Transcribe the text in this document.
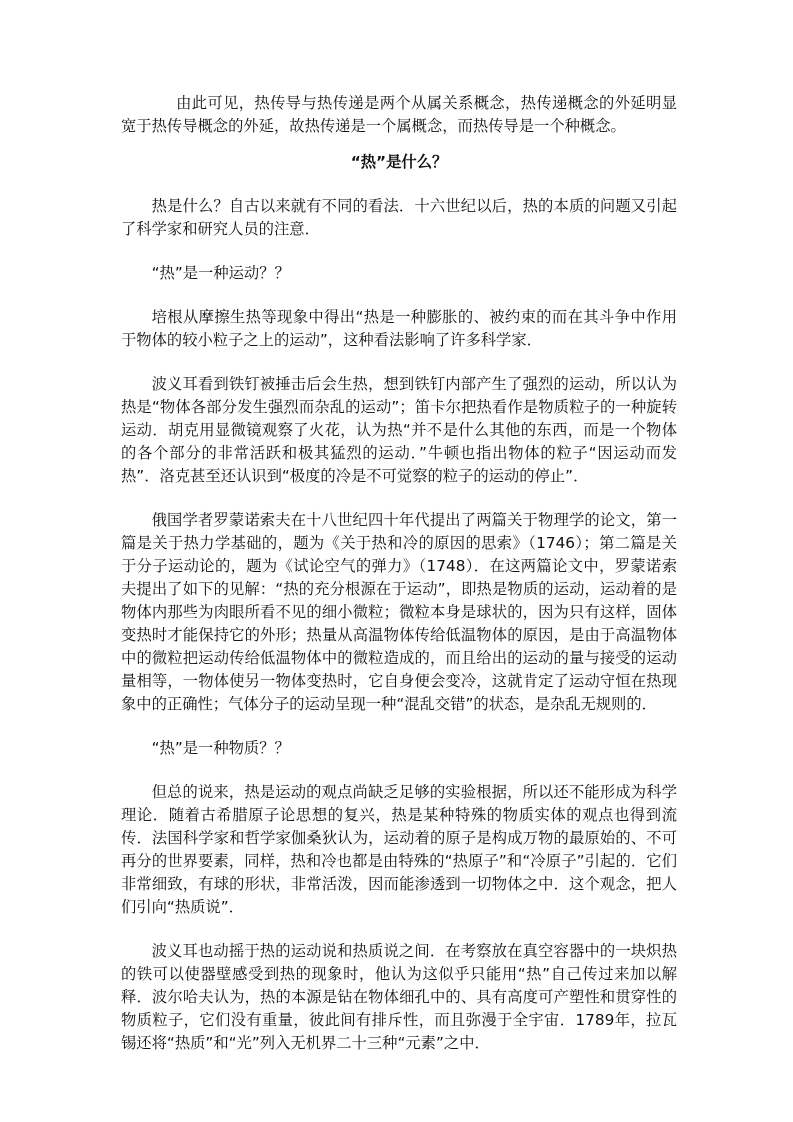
由此可见，热传导与热传递是两个从属关系概念，热传递概念的外延明显宽于热传导概念的外延，故热传递是一个属概念，而热传导是一个种概念。

“热”是什么？

热是什么？自古以来就有不同的看法．十六世纪以后，热的本质的问题又引起了科学家和研究人员的注意．

“热”是一种运动？？

培根从摩擦生热等现象中得出“热是一种膨胀的、被约束的而在其斗争中作用于物体的较小粒子之上的运动”，这种看法影响了许多科学家．

波义耳看到铁钉被捶击后会生热，想到铁钉内部产生了强烈的运动，所以认为热是“物体各部分发生强烈而杂乱的运动”；笛卡尔把热看作是物质粒子的一种旋转运动．胡克用显微镜观察了火花，认为热“并不是什么其他的东西，而是一个物体的各个部分的非常活跃和极其猛烈的运动．”牛顿也指出物体的粒子“因运动而发热”．洛克甚至还认识到“极度的冷是不可觉察的粒子的运动的停止”．

俄国学者罗蒙诺索夫在十八世纪四十年代提出了两篇关于物理学的论文，第一篇是关于热力学基础的，题为《关于热和冷的原因的思索》（1746）；第二篇是关于分子运动论的，题为《试论空气的弹力》（1748）．在这两篇论文中，罗蒙诺索夫提出了如下的见解：“热的充分根源在于运动”，即热是物质的运动，运动着的是物体内那些为肉眼所看不见的细小微粒；微粒本身是球状的，因为只有这样，固体变热时才能保持它的外形；热量从高温物体传给低温物体的原因，是由于高温物体中的微粒把运动传给低温物体中的微粒造成的，而且给出的运动的量与接受的运动量相等，一物体使另一物体变热时，它自身便会变冷，这就肯定了运动守恒在热现象中的正确性；气体分子的运动呈现一种“混乱交错”的状态，是杂乱无规则的．

“热”是一种物质？？

但总的说来，热是运动的观点尚缺乏足够的实验根据，所以还不能形成为科学理论．随着古希腊原子论思想的复兴，热是某种特殊的物质实体的观点也得到流传．法国科学家和哲学家伽桑狄认为，运动着的原子是构成万物的最原始的、不可再分的世界要素，同样，热和冷也都是由特殊的“热原子”和“冷原子”引起的．它们非常细致，有球的形状，非常活泼，因而能渗透到一切物体之中．这个观念，把人们引向“热质说”．

波义耳也动摇于热的运动说和热质说之间．在考察放在真空容器中的一块炽热的铁可以使器壁感受到热的现象时，他认为这似乎只能用“热”自己传过来加以解释．波尔哈夫认为，热的本源是钻在物体细孔中的、具有高度可产塑性和贯穿性的物质粒子，它们没有重量，彼此间有排斥性，而且弥漫于全宇宙．1789年，拉瓦锡还将“热质”和“光”列入无机界二十三种“元素”之中．
